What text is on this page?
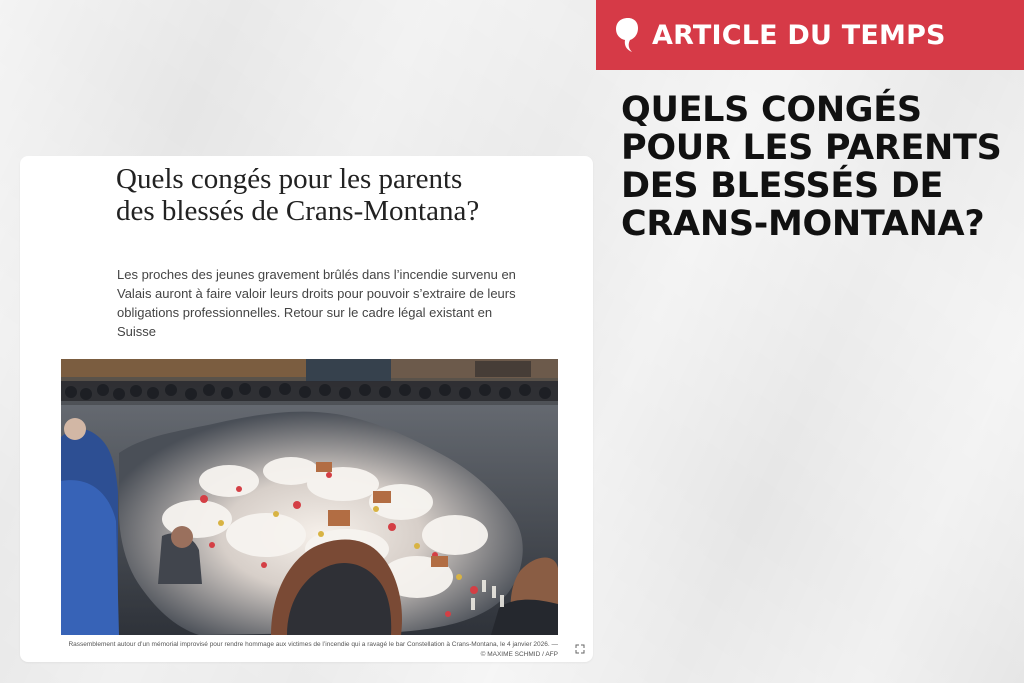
ARTICLE DU TEMPS
QUELS CONGÉS POUR LES PARENTS DES BLESSÉS DE CRANS-MONTANA?
Quels congés pour les parents des blessés de Crans-Montana?

Les proches des jeunes gravement brûlés dans l’incendie survenu en Valais auront à faire valoir leurs droits pour pouvoir s’extraire de leurs obligations professionnelles. Retour sur le cadre légal existant en Suisse

Rassemblement autour d’un mémorial improvisé pour rendre hommage aux victimes de l’incendie qui a ravagé le bar Constellation à Crans-Montana, le 4 janvier 2026. — © MAXIME SCHMID / AFP
